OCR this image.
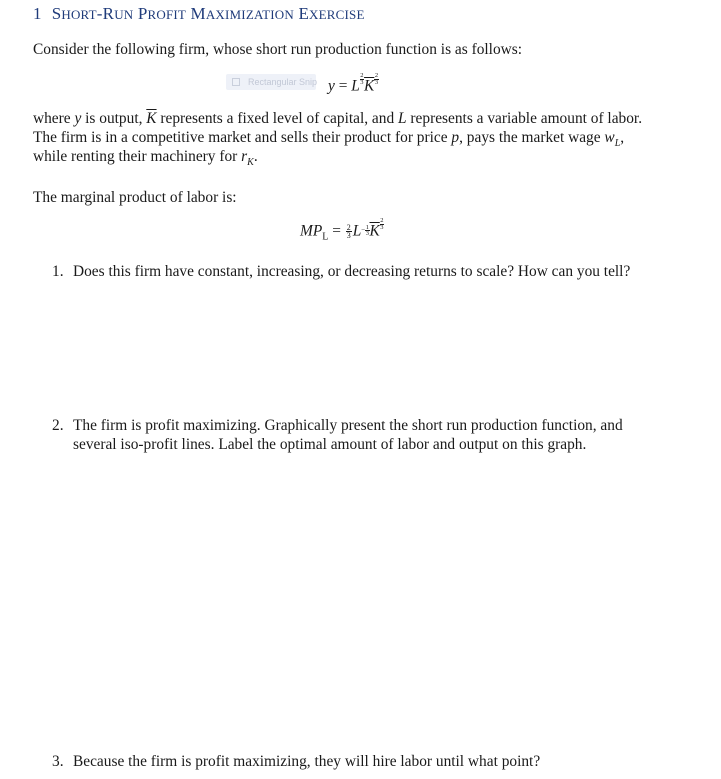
1 SHORT-RUN PROFIT MAXIMIZATION EXERCISE
Consider the following firm, whose short run production function is as follows:
Rectangular Snip y = L $\frac{2}{3} \overline{K} \frac{2}{3}$
where y is output, $\overline{K}$ represents a fixed level of capital, and L represents a variable amount of labor.
The firm is in a competitive market and sells their product for price p, pays the market wage $w_L$,
while renting their machinery for $r_K$.
The marginal product of labor is:
$MP_L = \frac{2}{3} L- \frac{1}{3} \overline{K} \frac{2}{3}$
1. Does this firm have constant, increasing, or decreasing returns to scale? How can you tell?
2. The firm is profit maximizing. Graphically present the short run production function, and
several iso-profit lines. Label the optimal amount of labor and output on this graph.
3. Because the firm is profit maximizing, they will hire labor until what point?
